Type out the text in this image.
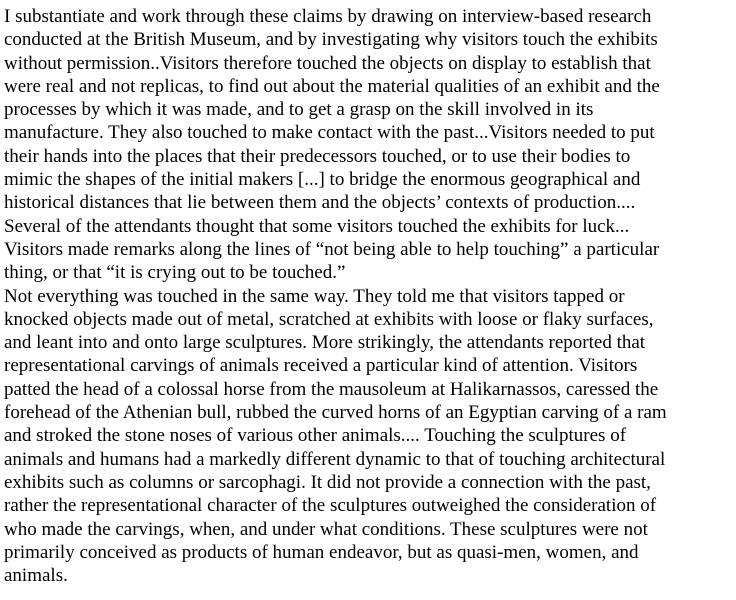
I substantiate and work through these claims by drawing on interview-based research
conducted at the British Museum, and by investigating why visitors touch the exhibits
without permission..Visitors therefore touched the objects on display to establish that
were real and not replicas, to find out about the material qualities of an exhibit and the
processes by which it was made, and to get a grasp on the skill involved in its
manufacture. They also touched to make contact with the past...Visitors needed to put
their hands into the places that their predecessors touched, or to use their bodies to
mimic the shapes of the initial makers [...] to bridge the enormous geographical and
historical distances that lie between them and the objects’ contexts of production....
Several of the attendants thought that some visitors touched the exhibits for luck...
Visitors made remarks along the lines of “not being able to help touching” a particular
thing, or that “it is crying out to be touched.”
Not everything was touched in the same way. They told me that visitors tapped or
knocked objects made out of metal, scratched at exhibits with loose or flaky surfaces,
and leant into and onto large sculptures. More strikingly, the attendants reported that
representational carvings of animals received a particular kind of attention. Visitors
patted the head of a colossal horse from the mausoleum at Halikarnassos, caressed the
forehead of the Athenian bull, rubbed the curved horns of an Egyptian carving of a ram
and stroked the stone noses of various other animals.... Touching the sculptures of
animals and humans had a markedly different dynamic to that of touching architectural
exhibits such as columns or sarcophagi. It did not provide a connection with the past,
rather the representational character of the sculptures outweighed the consideration of
who made the carvings, when, and under what conditions. These sculptures were not
primarily conceived as products of human endeavor, but as quasi-men, women, and
animals.
